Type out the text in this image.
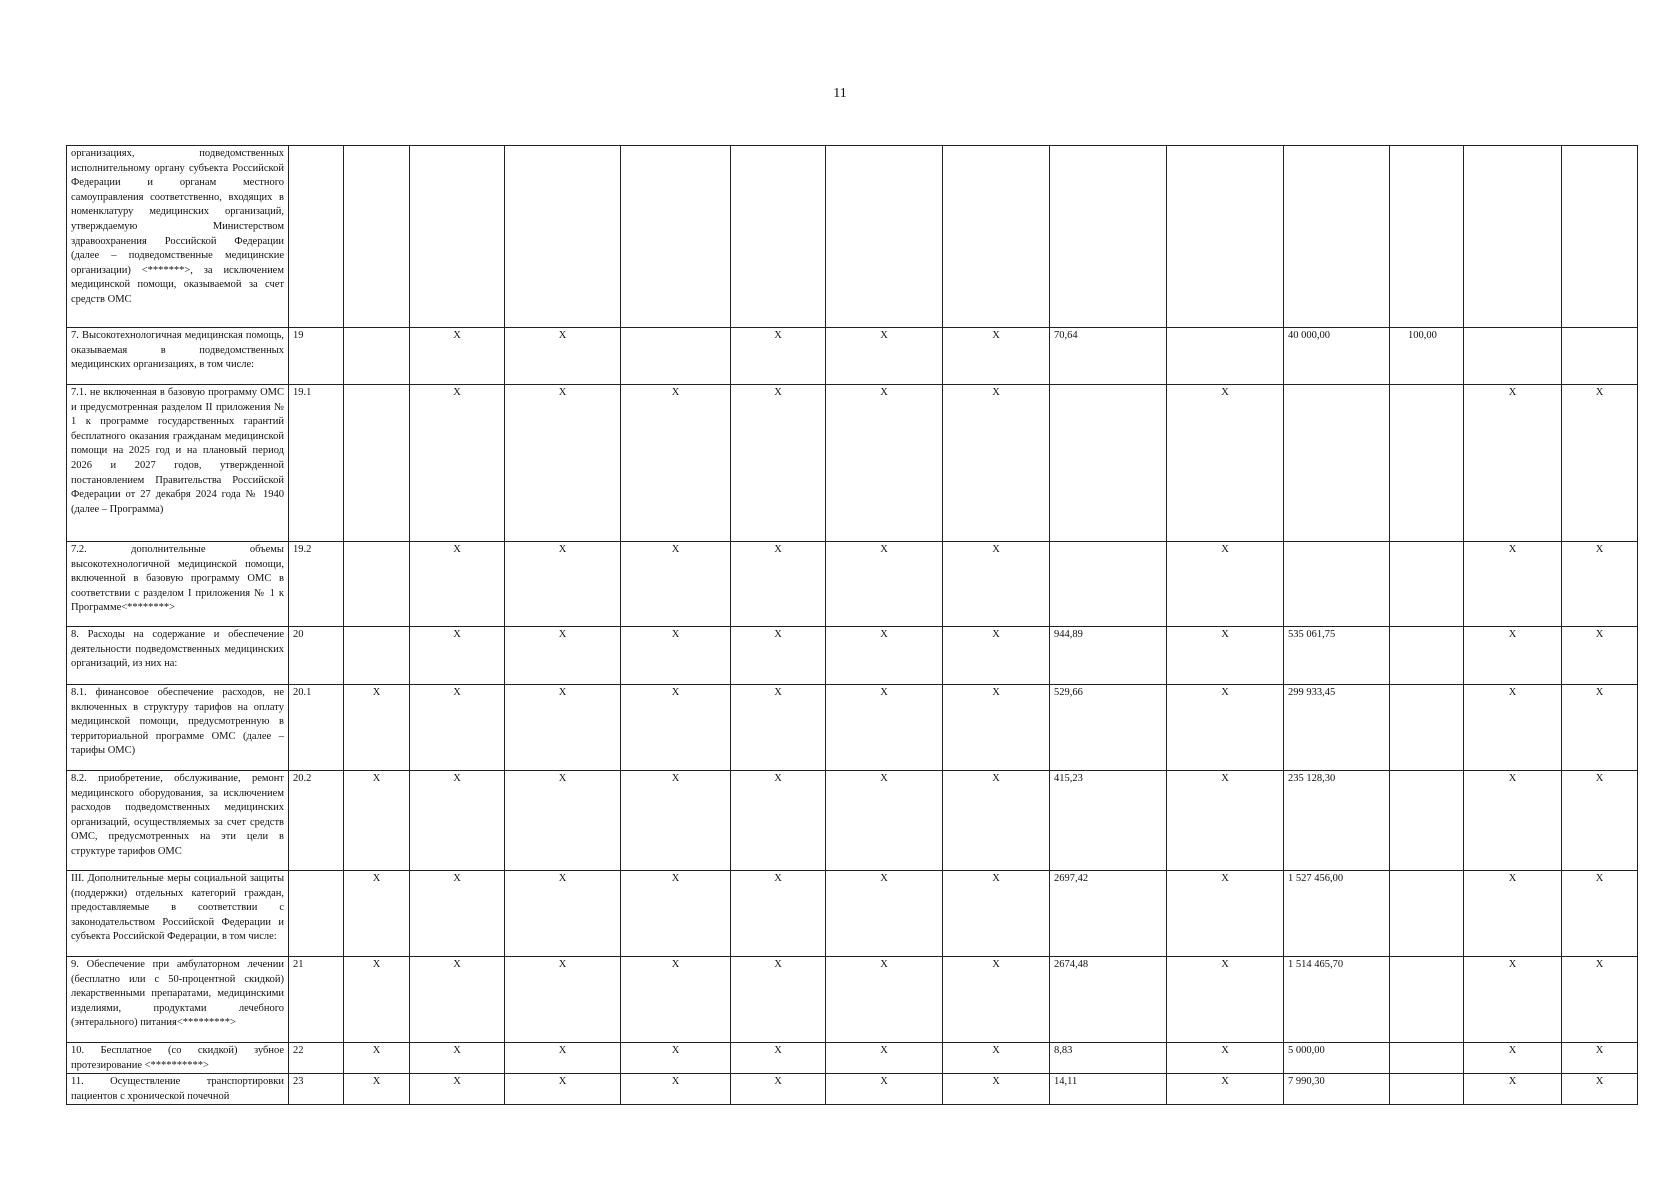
11
организациях, подведомственных исполнительному органу субъекта Российской Федерации и органам местного самоуправления соответственно, входящих в номенклатуру медицинских организаций, утверждаемую Министерством здравоохранения Российской Федерации (далее – подведомственные медицинские организации) <*******>, за исключением медицинской помощи, оказываемой за счет средств ОМС														
7. Высокотехнологичная медицинская помощь, оказываемая в подведомственных медицинских организациях, в том числе:	19		X	X		X	X	X	70,64		40 000,00	100,00		
7.1. не включенная в базовую программу ОМС и предусмотренная разделом II приложения № 1 к программе государственных гарантий бесплатного оказания гражданам медицинской помощи на 2025 год и на плановый период 2026 и 2027 годов, утвержденной постановлением Правительства Российской Федерации от 27 декабря 2024 года № 1940 (далее – Программа)	19.1		X	X	X	X	X	X		X			X	X
7.2. дополнительные объемы высокотехнологичной медицинской помощи, включенной в базовую программу ОМС в соответствии с разделом I приложения № 1 к Программе<********>	19.2		X	X	X	X	X	X		X			X	X
8. Расходы на содержание и обеспечение деятельности подведомственных медицинских организаций, из них на:	20		X	X	X	X	X	X	944,89	X	535 061,75		X	X
8.1. финансовое обеспечение расходов, не включенных в структуру тарифов на оплату медицинской помощи, предусмотренную в территориальной программе ОМС (далее – тарифы ОМС)	20.1	X	X	X	X	X	X	X	529,66	X	299 933,45		X	X
8.2. приобретение, обслуживание, ремонт медицинского оборудования, за исключением расходов подведомственных медицинских организаций, осуществляемых за счет средств ОМС, предусмотренных на эти цели в структуре тарифов ОМС	20.2	X	X	X	X	X	X	X	415,23	X	235 128,30		X	X
III. Дополнительные меры социальной защиты (поддержки) отдельных категорий граждан, предоставляемые в соответствии с законодательством Российской Федерации и субъекта Российской Федерации, в том числе:		X	X	X	X	X	X	X	2697,42	X	1 527 456,00		X	X
9. Обеспечение при амбулаторном лечении (бесплатно или с 50-процентной скидкой) лекарственными препаратами, медицинскими изделиями, продуктами лечебного (энтерального) питания<*********>	21	X	X	X	X	X	X	X	2674,48	X	1 514 465,70		X	X
10. Бесплатное (со скидкой) зубное протезирование <**********>	22	X	X	X	X	X	X	X	8,83	X	5 000,00		X	X
11. Осуществление транспортировки пациентов с хронической почечной	23	X	X	X	X	X	X	X	14,11	X	7 990,30		X	X
